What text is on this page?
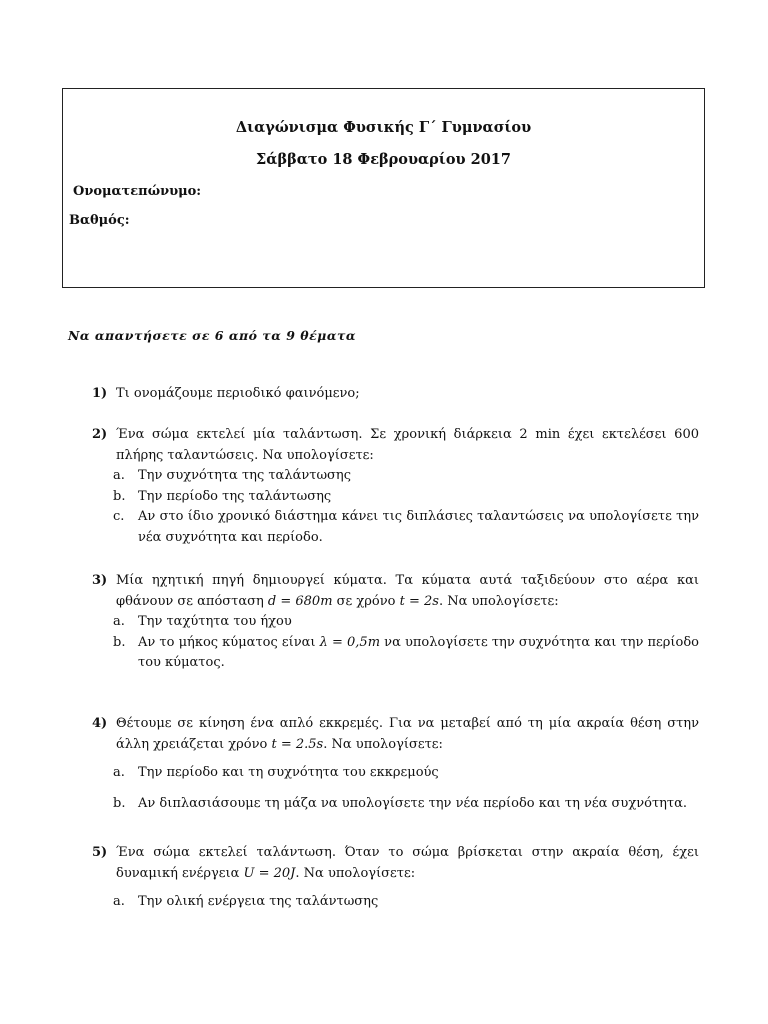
Διαγώνισμα Φυσικής Γ΄ Γυμνασίου
Σάββατο 18 Φεβρουαρίου 2017
Ονοματεπώνυμο:
Βαθμός:
Να απαντήσετε σε 6 από τα 9 θέματα
1) Τι ονομάζουμε περιοδικό φαινόμενο;
2) Ένα σώμα εκτελεί μία ταλάντωση. Σε χρονική διάρκεια 2 min έχει εκτελέσει 600 πλήρης ταλαντώσεις. Να υπολογίσετε:
a. Την συχνότητα της ταλάντωσης
b. Την περίοδο της ταλάντωσης
c. Αν στο ίδιο χρονικό διάστημα κάνει τις διπλάσιες ταλαντώσεις να υπολογίσετε την νέα συχνότητα και περίοδο.
3) Μία ηχητική πηγή δημιουργεί κύματα. Τα κύματα αυτά ταξιδεύουν στο αέρα και φθάνουν σε απόσταση d = 680m σε χρόνο t = 2s. Να υπολογίσετε:
a. Την ταχύτητα του ήχου
b. Αν το μήκος κύματος είναι λ = 0,5m να υπολογίσετε την συχνότητα και την περίοδο του κύματος.
4) Θέτουμε σε κίνηση ένα απλό εκκρεμές. Για να μεταβεί από τη μία ακραία θέση στην άλλη χρειάζεται χρόνο t = 2.5s. Να υπολογίσετε:
a. Την περίοδο και τη συχνότητα του εκκρεμούς
b. Αν διπλασιάσουμε τη μάζα να υπολογίσετε την νέα περίοδο και τη νέα συχνότητα.
5) Ένα σώμα εκτελεί ταλάντωση. Όταν το σώμα βρίσκεται στην ακραία θέση, έχει δυναμική ενέργεια U = 20J. Να υπολογίσετε:
a. Την ολική ενέργεια της ταλάντωσης
